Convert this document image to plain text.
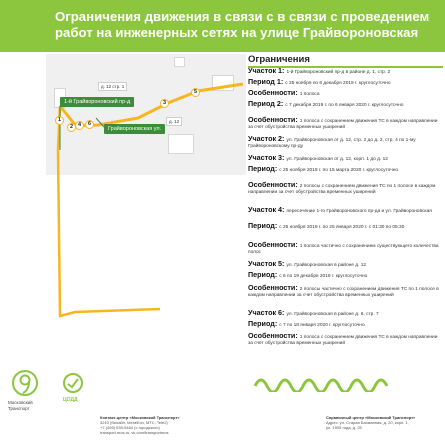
Ограничения движения в связи с в связи с проведением работ на инженерных сетях на улице Грайвороновская
д. 12 стр. 1
д. 12
1-й Грайвороновский пр-д
Грайвороновская ул.
1
2
3
4
5
6
Ограничения
Участок 1: 1-й Грайвороновский пр-д в районе д. 1, стр. 2
Период 1: с 25 ноября по 6 декабря 2019 г. круглосуточно
Особенности: 1 полоса
Период 2: с 7 декабря 2019 г. по 6 января 2020 г. круглосуточно
Особенности: 1 полоса с сохранением движения ТС в каждом направлении за счет обустройства временных уширений
Участок 2: ул. Грайвороновская от д. 12, стр. 2 до д. 2, стр. 4 по 1-му Грайвороновскому пр-ду
Участок 3: ул. Грайвороновская от д. 12, корп. 1 до д. 12
Период: с 25 ноября 2019 г. по 15 марта 2020 г. круглосуточно
Особенности: 2 полосы с сохранением движения ТС по 1 полосе в каждом направлении за счет обустройства временных уширений
Участок 4: пересечение 1-го Грайвороновского пр-да и ул. Грайвороновская
Период: с 25 ноября 2019 г. по 25 января 2020 г. с 01:30 по 05:30
Особенности: 1 полоса частично с сохранением существующего количества полос
Участок 5: ул. Грайвороновская в районе д. 12
Период: с 6 по 19 декабря 2019 г. круглосуточно
Особенности: 2 полосы частично с сохранением движения ТС по 1 полосе в каждом направлении за счет обустройства временных уширений
Участок 6: ул. Грайвороновская в районе д. 6, стр. 7
Период: с 7 по 18 января 2020 г. круглосуточно
Особенности: 1 полоса с сохранением движения ТС в каждом направлении за счет обустройства временных уширений
Московский Транспорт
ЦОДД
Контакт-центр «Московский Транспорт»
3210 (билайн, МегаФон, МТС, Tele2)
+7 (495) 539-5454 (с городского)
transport.mos.ru, vk.com/transportmos
Справочный центр «Московский Транспорт»
Адрес: ул. Старая Басманная, д. 20, корп. 1,
ул. 1905 года, д. 25
